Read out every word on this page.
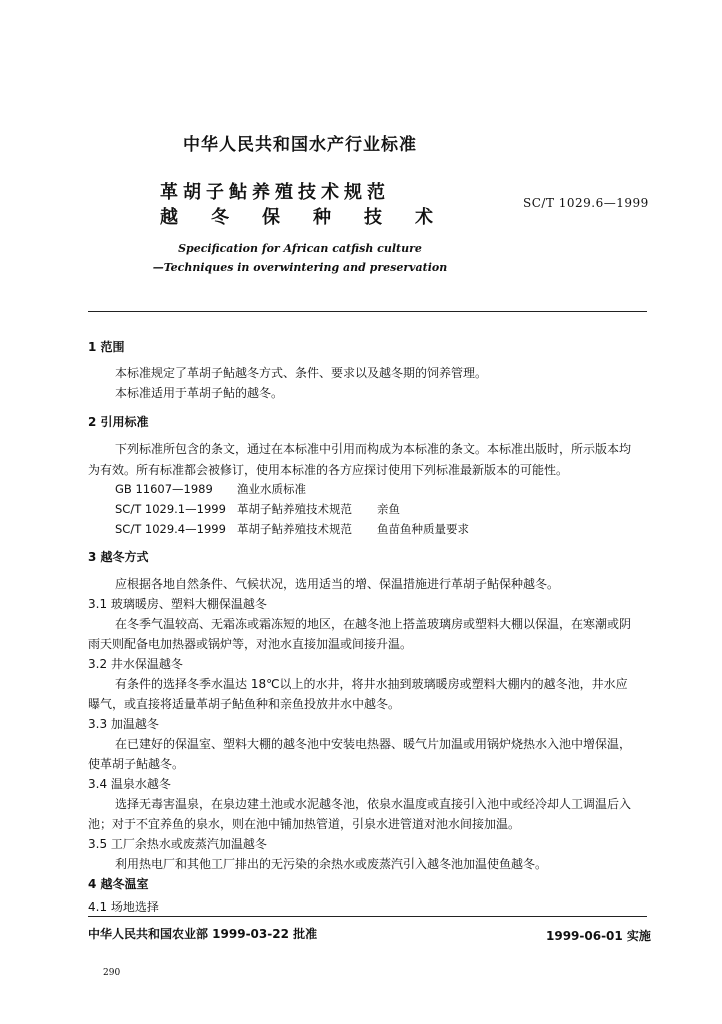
中华人民共和国水产行业标准
革胡子鲇养殖技术规范
越冬保种技术
SC/T 1029.6—1999
Specification for African catfish culture
—Techniques in overwintering and preservation
1 范围
本标准规定了革胡子鲇越冬方式、条件、要求以及越冬期的饲养管理。
本标准适用于革胡子鲇的越冬。
2 引用标准
下列标准所包含的条文，通过在本标准中引用而构成为本标准的条文。本标准出版时，所示版本均
为有效。所有标准都会被修订，使用本标准的各方应探讨使用下列标准最新版本的可能性。
GB 11607—1989 渔业水质标准
SC/T 1029.1—1999 革胡子鲇养殖技术规范 亲鱼
SC/T 1029.4—1999 革胡子鲇养殖技术规范 鱼苗鱼种质量要求
3 越冬方式
应根据各地自然条件、气候状况，选用适当的增、保温措施进行革胡子鲇保种越冬。
3.1 玻璃暖房、塑料大棚保温越冬
在冬季气温较高、无霜冻或霜冻短的地区，在越冬池上搭盖玻璃房或塑料大棚以保温，在寒潮或阴
雨天则配备电加热器或锅炉等，对池水直接加温或间接升温。
3.2 井水保温越冬
有条件的选择冬季水温达 18℃以上的水井，将井水抽到玻璃暖房或塑料大棚内的越冬池，井水应
曝气，或直接将适量革胡子鲇鱼种和亲鱼投放井水中越冬。
3.3 加温越冬
在已建好的保温室、塑料大棚的越冬池中安装电热器、暖气片加温或用锅炉烧热水入池中增保温，
使革胡子鲇越冬。
3.4 温泉水越冬
选择无毒害温泉，在泉边建土池或水泥越冬池，依泉水温度或直接引入池中或经冷却人工调温后入
池；对于不宜养鱼的泉水，则在池中铺加热管道，引泉水进管道对池水间接加温。
3.5 工厂余热水或废蒸汽加温越冬
利用热电厂和其他工厂排出的无污染的余热水或废蒸汽引入越冬池加温使鱼越冬。
4 越冬温室
4.1 场地选择
中华人民共和国农业部 1999-03-22 批准	1999-06-01 实施
290
